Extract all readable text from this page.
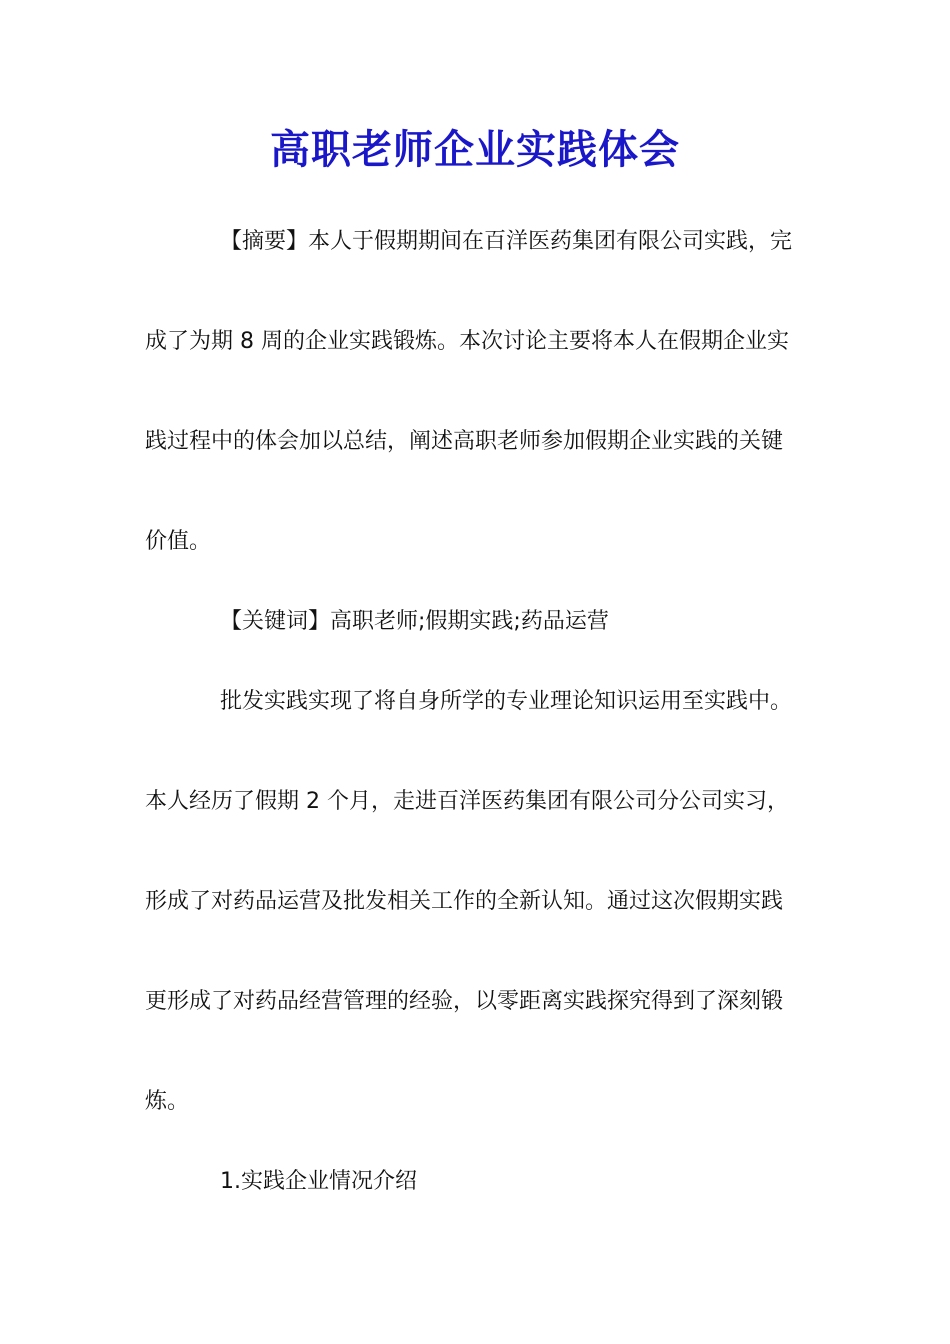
高职老师企业实践体会
【摘要】本人于假期期间在百洋医药集团有限公司实践，完
成了为期 8 周的企业实践锻炼。本次讨论主要将本人在假期企业实
践过程中的体会加以总结，阐述高职老师参加假期企业实践的关键
价值。
【关键词】高职老师;假期实践;药品运营
批发实践实现了将自身所学的专业理论知识运用至实践中。
本人经历了假期 2 个月，走进百洋医药集团有限公司分公司实习，
形成了对药品运营及批发相关工作的全新认知。通过这次假期实践
更形成了对药品经营管理的经验，以零距离实践探究得到了深刻锻
炼。
1.实践企业情况介绍
